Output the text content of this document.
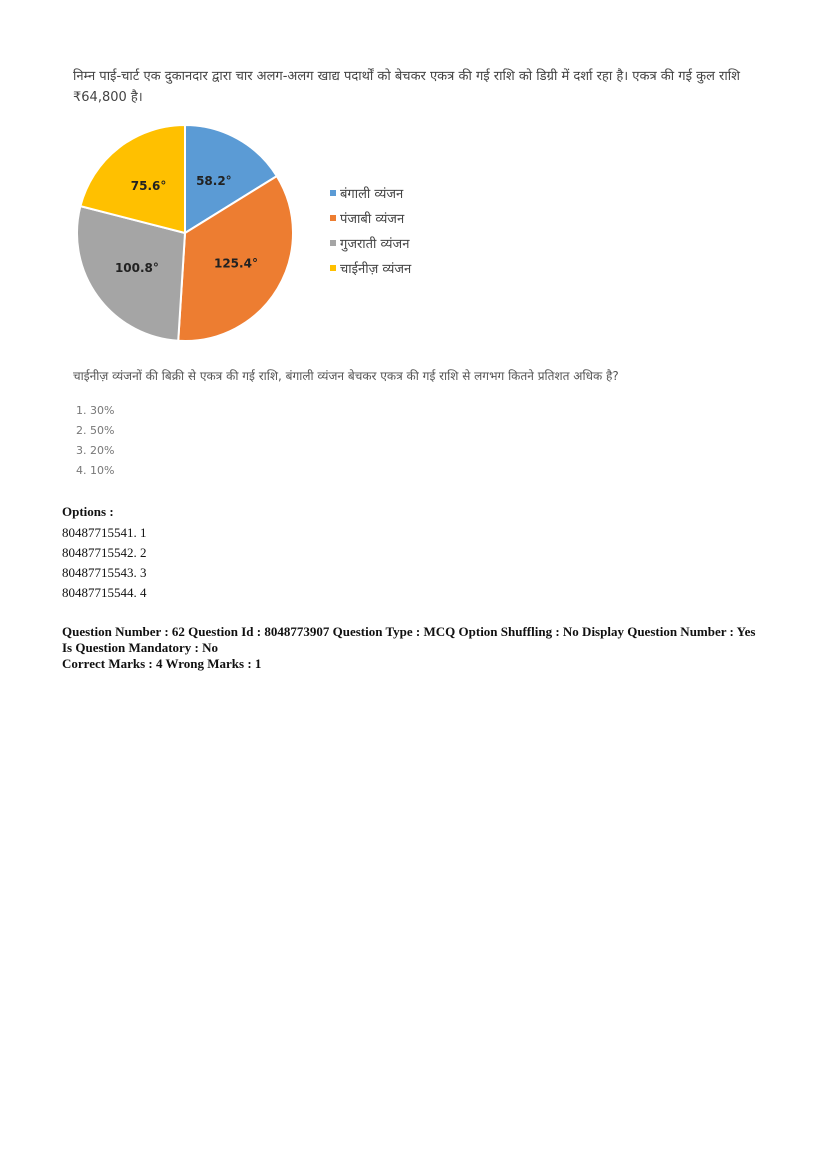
निम्न पाई-चार्ट एक दुकानदार द्वारा चार अलग-अलग खाद्य पदार्थों को बेचकर एकत्र की गई राशि को डिग्री में दर्शा रहा है। एकत्र की गई कुल राशि ₹64,800 है।
58.2°
125.4°
100.8°
75.6°
बंगाली व्यंजन
पंजाबी व्यंजन
गुजराती व्यंजन
चाईनीज़ व्यंजन
चाईनीज़ व्यंजनों की बिक्री से एकत्र की गई राशि, बंगाली व्यंजन बेचकर एकत्र की गई राशि से लगभग कितने प्रतिशत अधिक है?
1. 30%
2. 50%
3. 20%
4. 10%
Options :
80487715541. 1
80487715542. 2
80487715543. 3
80487715544. 4
Question Number : 62 Question Id : 8048773907 Question Type : MCQ Option Shuffling : No Display Question Number : Yes
Is Question Mandatory : No
Correct Marks : 4 Wrong Marks : 1
